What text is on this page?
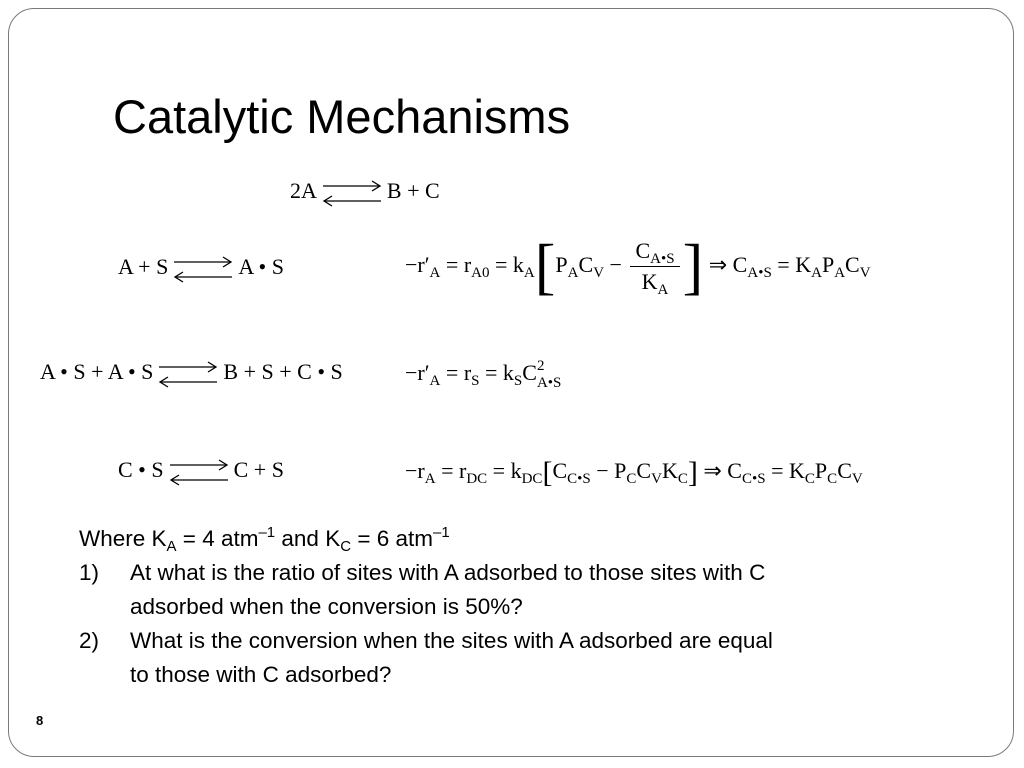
Catalytic Mechanisms
2A ⇌ B + C
A + S ⇌ A • S	$-r'_A = r_{A0} = k_A[P_AC_V - \frac{C_{A•S}}{K_A}$ ] ⇒ $C_{A•S} = K_AP_AC_V$
A • S + A • S ⇌ B + S + C • S	$-r'_A = r_S = k_SC$ 2
A•S
C • S ⇌ C + S	$-r_A = r_{DC} = k_{DC}[C_{C•S} - P_CC_VK_C]$ ⇒ $C_{C•S} = K_CP_CC_V$
Where $K_A = 4$ atm$^{-1}$ and $K_C = 6$ atm$^{-1}$
1) At what is the ratio of sites with A adsorbed to those sites with C
adsorbed when the conversion is 50%?
2) What is the conversion when the sites with A adsorbed are equal
to those with C adsorbed?
8
